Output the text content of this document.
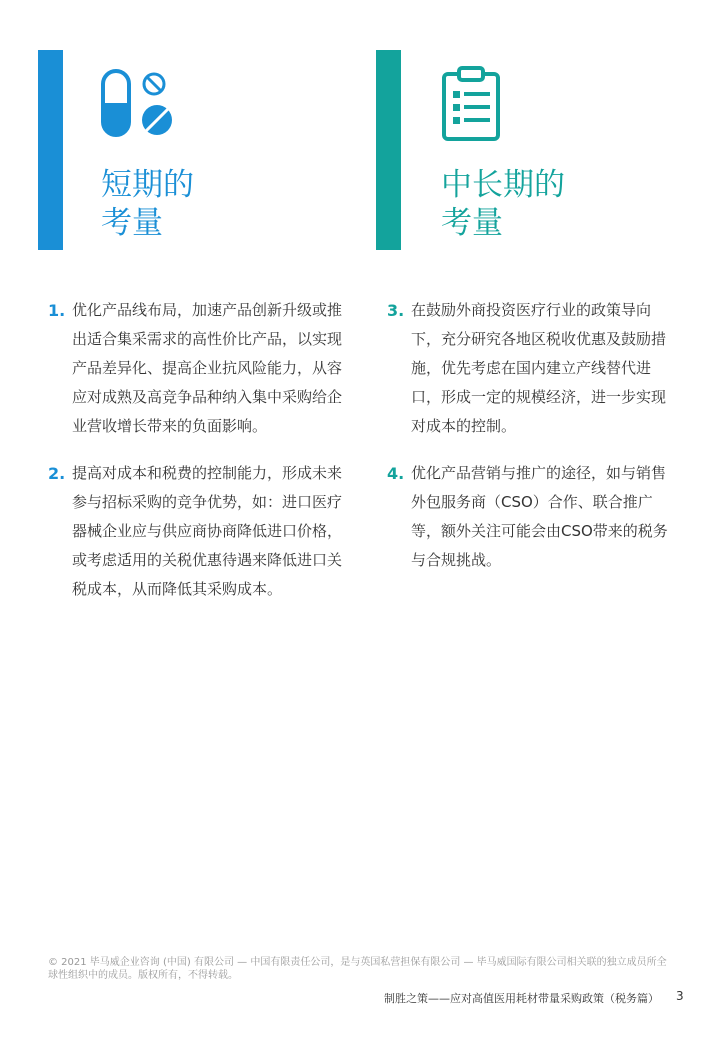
短期的
考量
中长期的
考量
1. 优化产品线布局，加速产品创新升级或推出适合集采需求的高性价比产品，以实现产品差异化、提高企业抗风险能力，从容应对成熟及高竞争品种纳入集中采购给企业营收增长带来的负面影响。
2. 提高对成本和税费的控制能力，形成未来参与招标采购的竞争优势，如：进口医疗器械企业应与供应商协商降低进口价格，或考虑适用的关税优惠待遇来降低进口关税成本，从而降低其采购成本。
3. 在鼓励外商投资医疗行业的政策导向下，充分研究各地区税收优惠及鼓励措施，优先考虑在国内建立产线替代进口，形成一定的规模经济，进一步实现对成本的控制。
4. 优化产品营销与推广的途径，如与销售外包服务商（CSO）合作、联合推广等，额外关注可能会由CSO带来的税务与合规挑战。
© 2021 毕马威企业咨询 (中国) 有限公司 — 中国有限责任公司，是与英国私营担保有限公司 — 毕马威国际有限公司相关联的独立成员所全球性组织中的成员。版权所有，不得转载。
制胜之策——应对高值医用耗材带量采购政策（税务篇） 3
